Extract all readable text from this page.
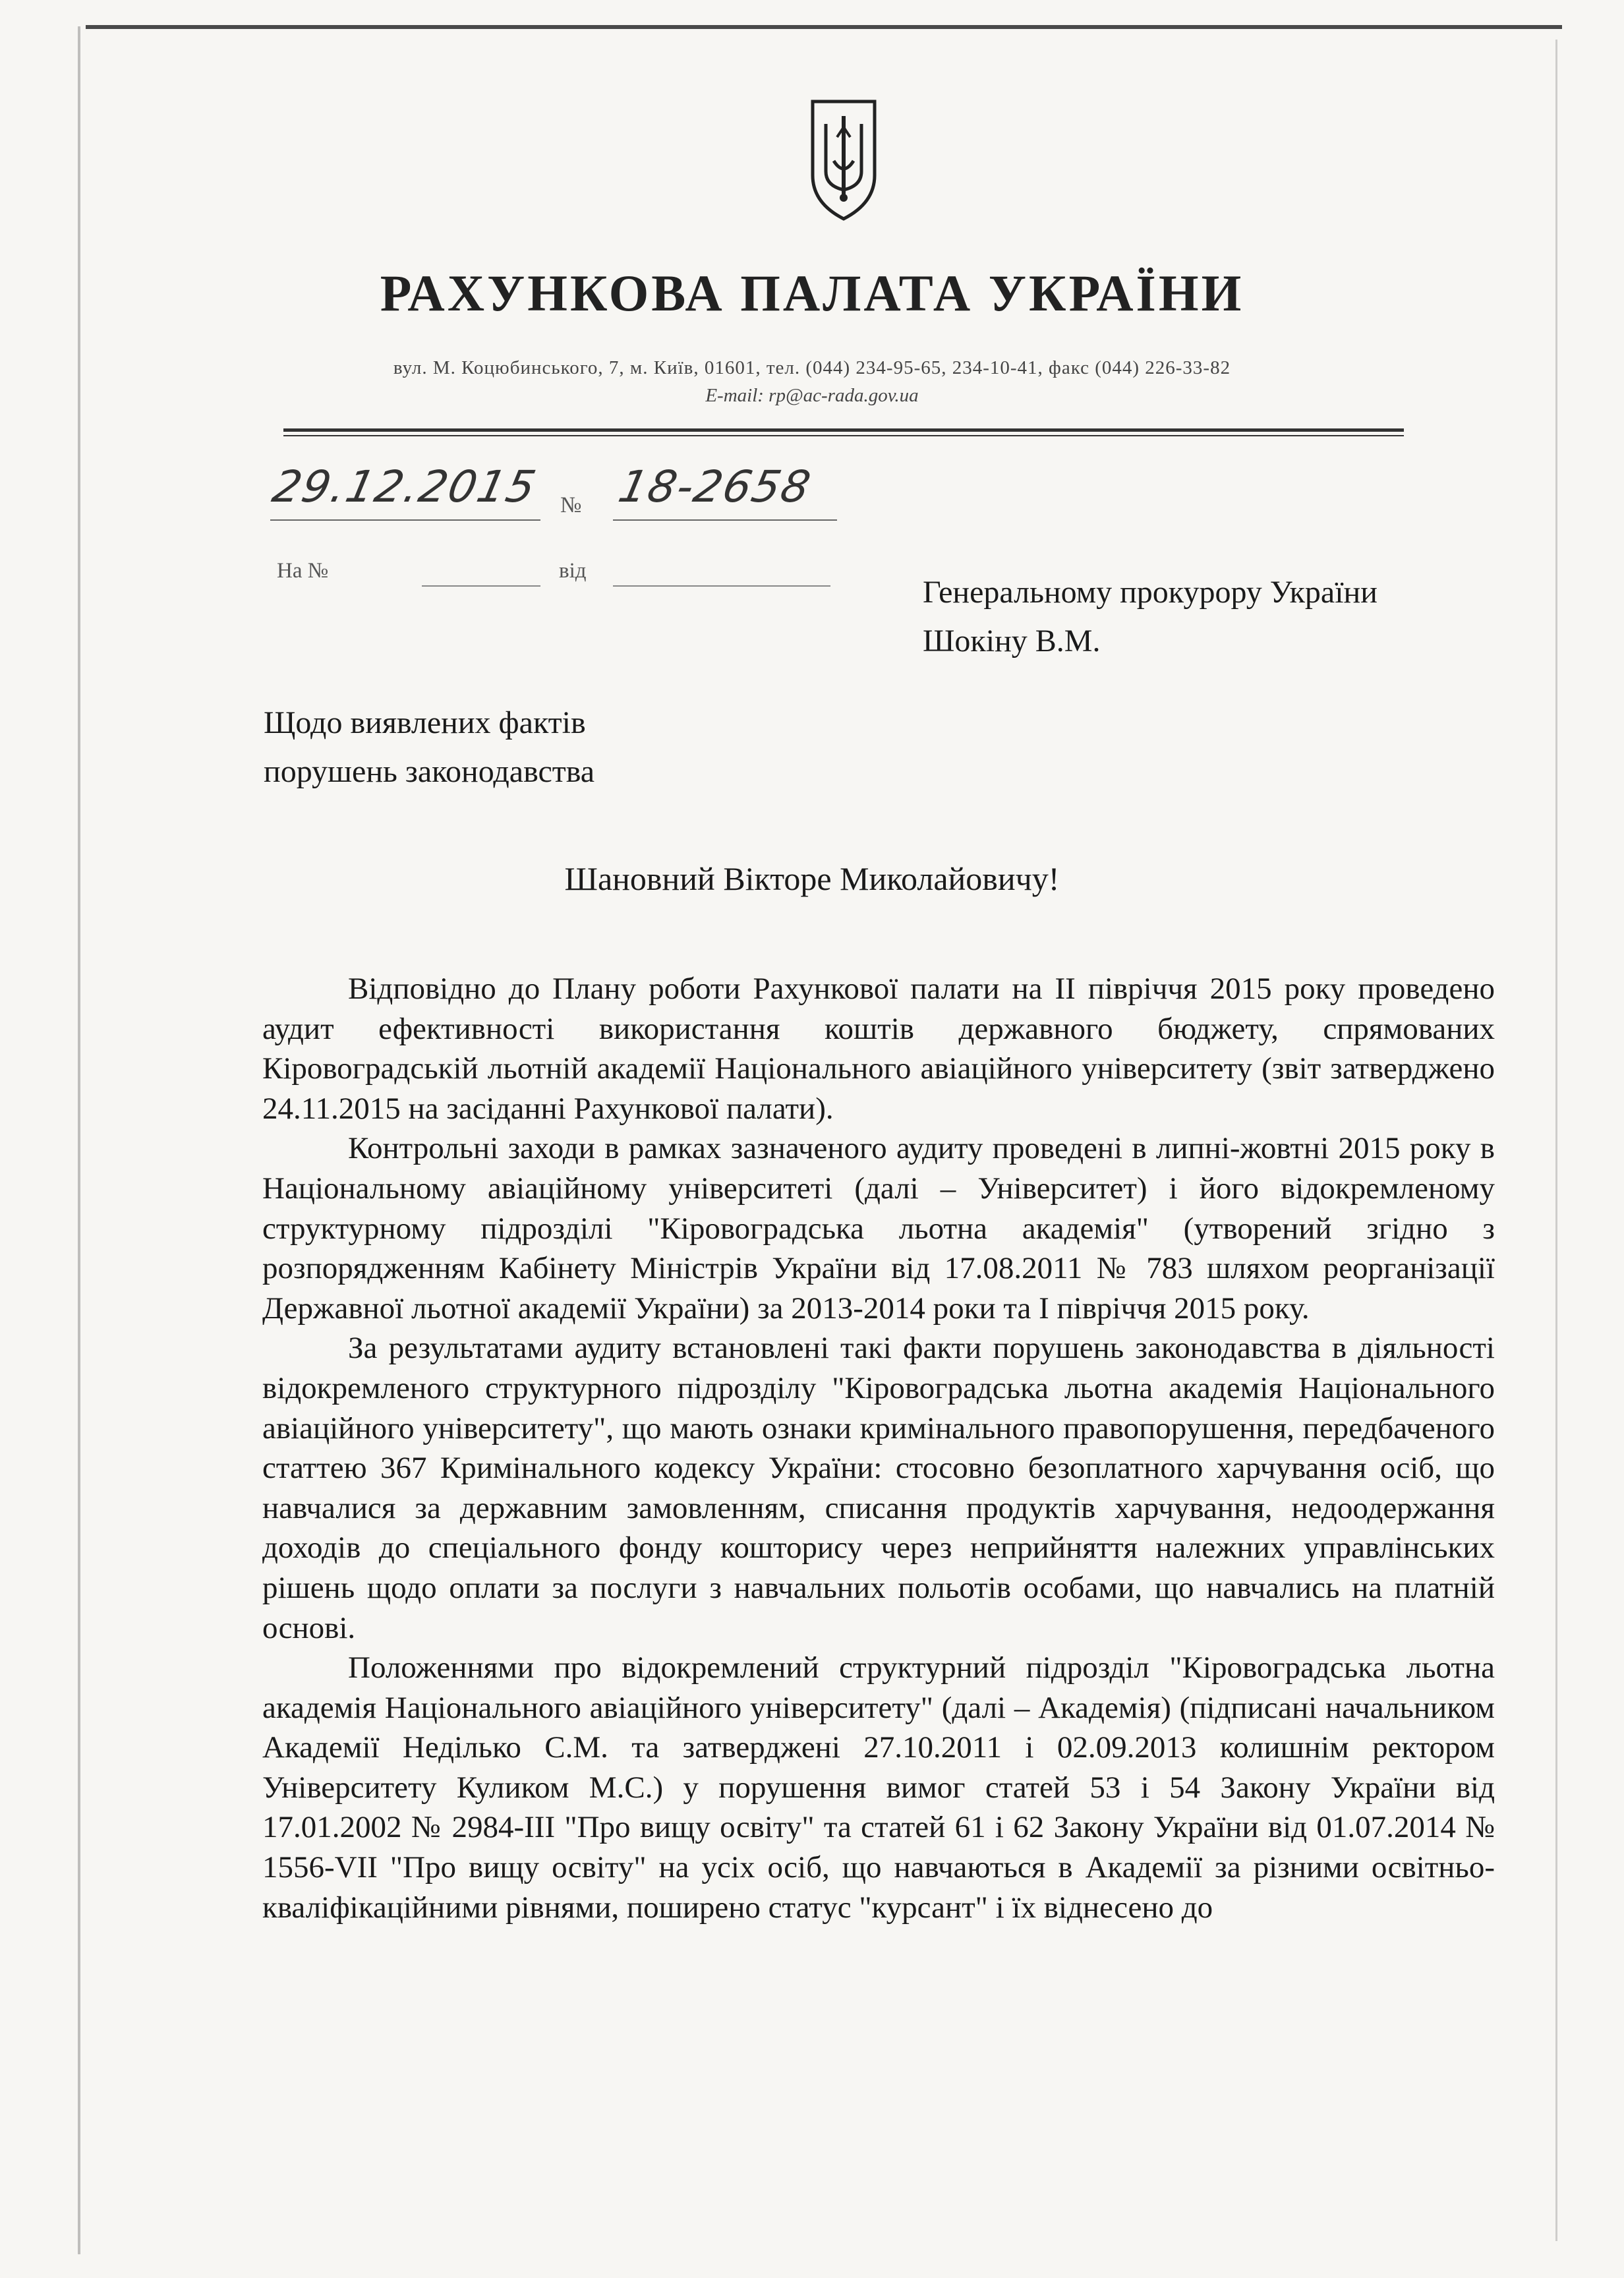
РАХУНКОВА ПАЛАТА УКРАЇНИ
вул. М. Коцюбинського, 7, м. Київ, 01601, тел. (044) 234-95-65, 234-10-41, факс (044) 226-33-82
E-mail: rp@ac-rada.gov.ua
29.12.2015 № 18-2658
На №	від
Генеральному прокурору України
Шокіну В.М.
Щодо виявлених фактів
порушень законодавства
Шановний Вікторе Миколайовичу!

Відповідно до Плану роботи Рахункової палати на II півріччя 2015 року проведено аудит ефективності використання коштів державного бюджету, спрямованих Кіровоградській льотній академії Національного авіаційного університету (звіт затверджено 24.11.2015 на засіданні Рахункової палати).

Контрольні заходи в рамках зазначеного аудиту проведені в липні-жовтні 2015 року в Національному авіаційному університеті (далі – Університет) і його відокремленому структурному підрозділі "Кіровоградська льотна академія" (утворений згідно з розпорядженням Кабінету Міністрів України від 17.08.2011 № 783 шляхом реорганізації Державної льотної академії України) за 2013-2014 роки та I півріччя 2015 року.

За результатами аудиту встановлені такі факти порушень законодавства в діяльності відокремленого структурного підрозділу "Кіровоградська льотна академія Національного авіаційного університету", що мають ознаки кримінального правопорушення, передбаченого статтею 367 Кримінального кодексу України: стосовно безоплатного харчування осіб, що навчалися за державним замовленням, списання продуктів харчування, недоодержання доходів до спеціального фонду кошторису через неприйняття належних управлінських рішень щодо оплати за послуги з навчальних польотів особами, що навчались на платній основі.

Положеннями про відокремлений структурний підрозділ "Кіровоградська льотна академія Національного авіаційного університету" (далі – Академія) (підписані начальником Академії Неділько С.М. та затверджені 27.10.2011 і 02.09.2013 колишнім ректором Університету Куликом М.С.) у порушення вимог статей 53 і 54 Закону України від 17.01.2002 № 2984-III "Про вищу освіту" та статей 61 і 62 Закону України від 01.07.2014 № 1556-VII "Про вищу освіту" на усіх осіб, що навчаються в Академії за різними освітньо-кваліфікаційними рівнями, поширено статус "курсант" і їх віднесено до
